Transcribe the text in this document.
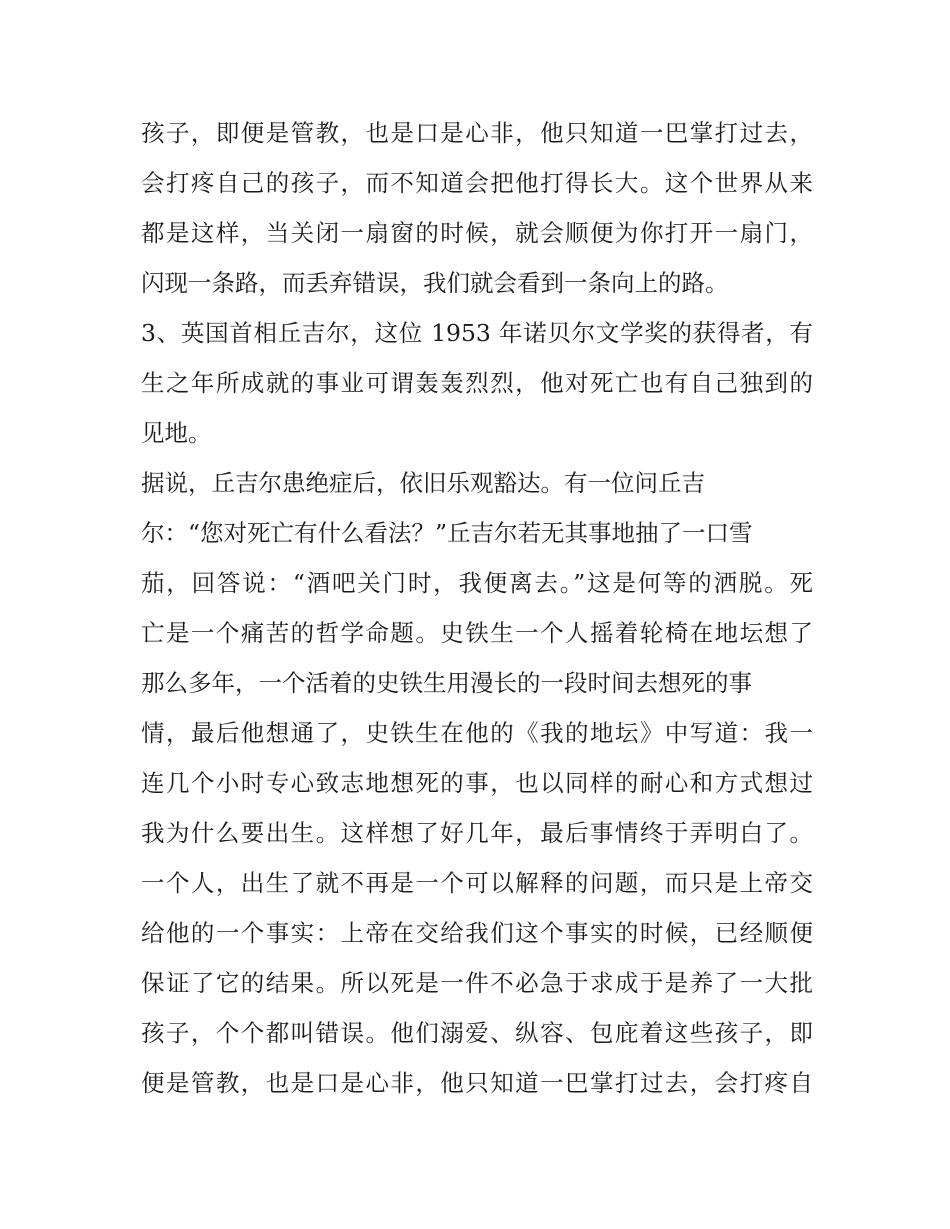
孩子，即便是管教，也是口是心非，他只知道一巴掌打过去，
会打疼自己的孩子，而不知道会把他打得长大。这个世界从来
都是这样，当关闭一扇窗的时候，就会顺便为你打开一扇门，
闪现一条路，而丢弃错误，我们就会看到一条向上的路。
3、英国首相丘吉尔，这位 1953 年诺贝尔文学奖的获得者，有
生之年所成就的事业可谓轰轰烈烈，他对死亡也有自己独到的
见地。
据说，丘吉尔患绝症后，依旧乐观豁达。有一位问丘吉
尔：“您对死亡有什么看法？”丘吉尔若无其事地抽了一口雪
茄，回答说：“酒吧关门时，我便离去。”这是何等的洒脱。死
亡是一个痛苦的哲学命题。史铁生一个人摇着轮椅在地坛想了
那么多年，一个活着的史铁生用漫长的一段时间去想死的事
情，最后他想通了，史铁生在他的《我的地坛》中写道：我一
连几个小时专心致志地想死的事，也以同样的耐心和方式想过
我为什么要出生。这样想了好几年，最后事情终于弄明白了。
一个人，出生了就不再是一个可以解释的问题，而只是上帝交
给他的一个事实：上帝在交给我们这个事实的时候，已经顺便
保证了它的结果。所以死是一件不必急于求成于是养了一大批
孩子，个个都叫错误。他们溺爱、纵容、包庇着这些孩子，即
便是管教，也是口是心非，他只知道一巴掌打过去，会打疼自
